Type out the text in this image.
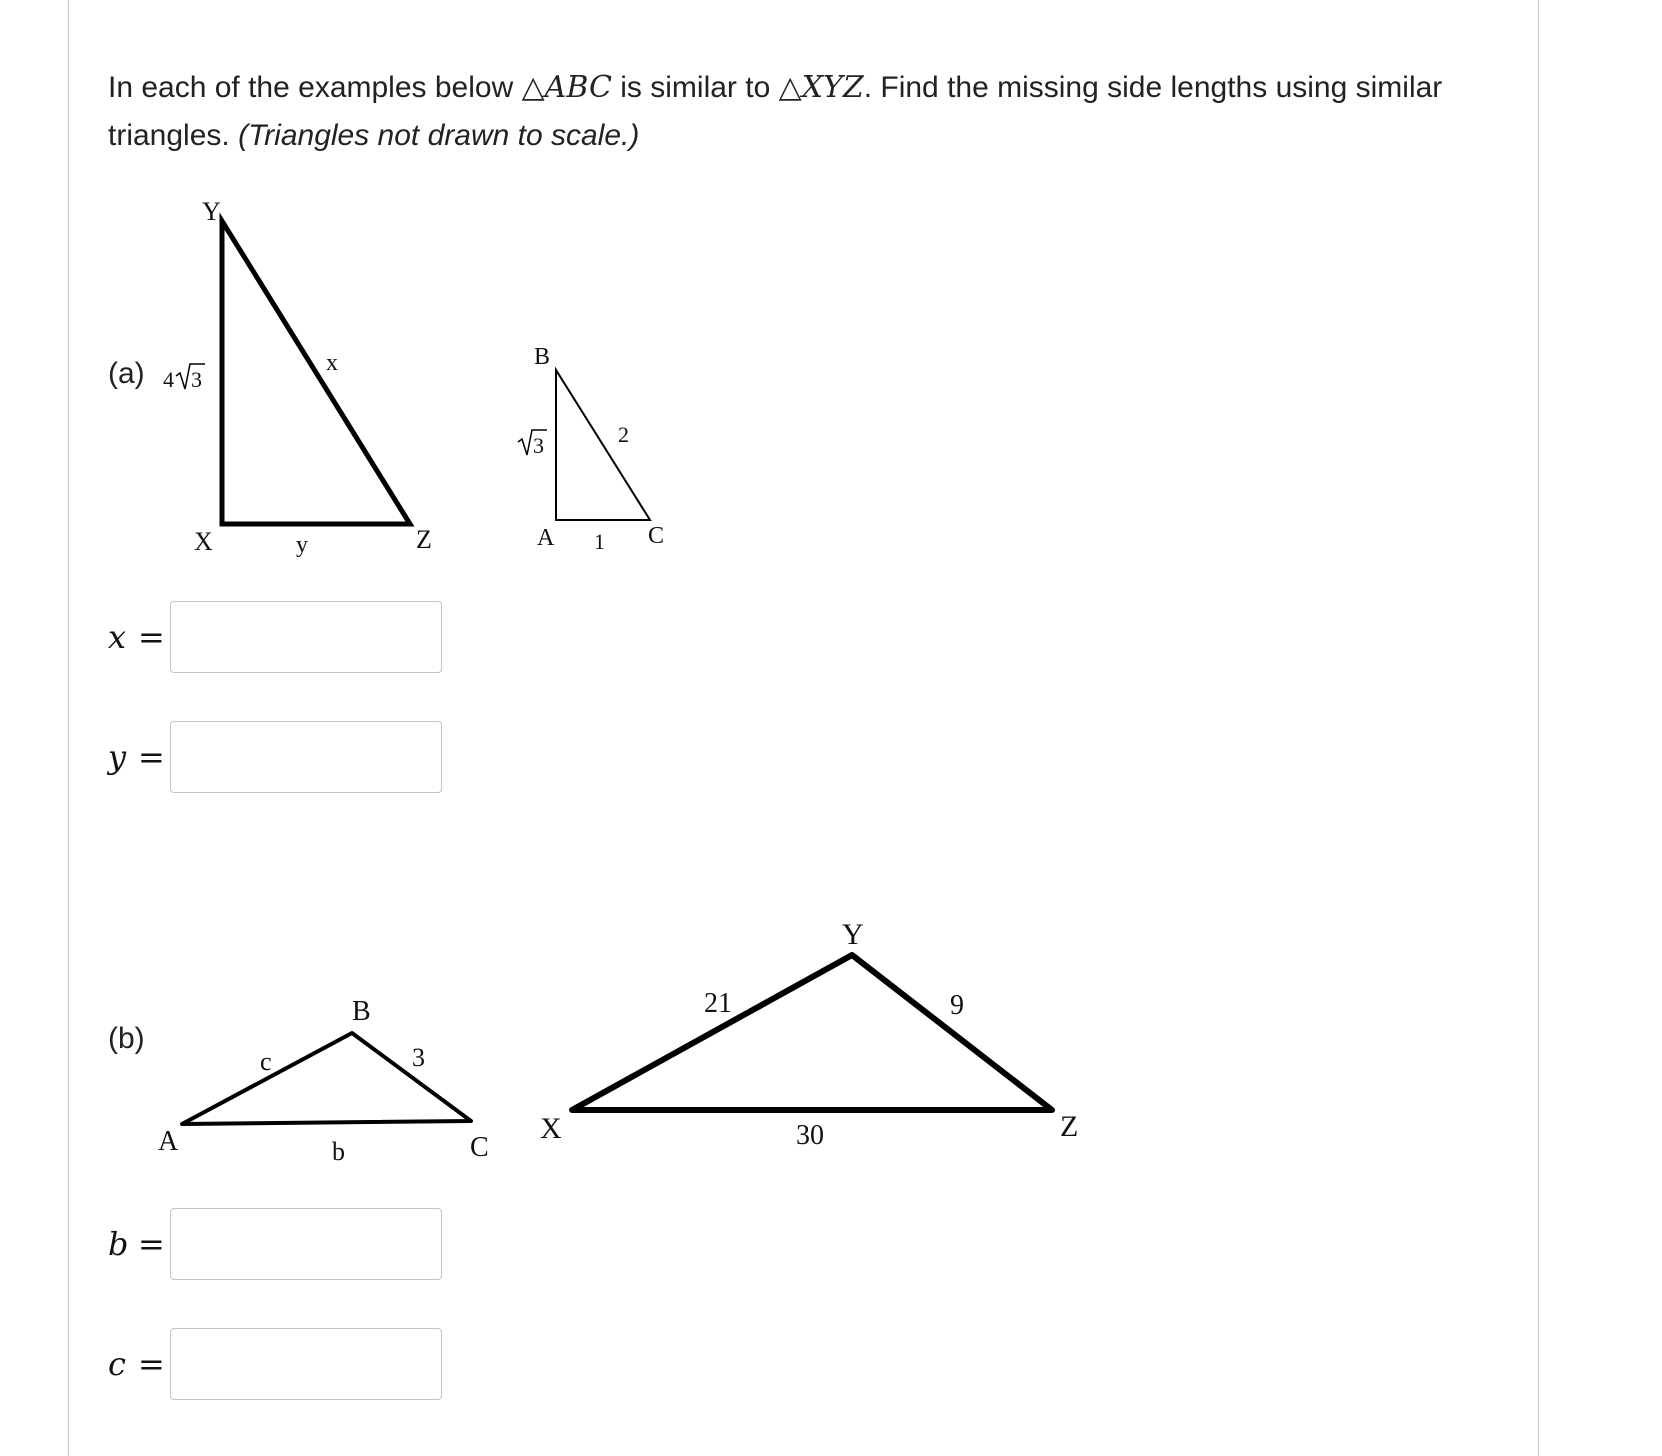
In each of the examples below △ABC is similar to △XYZ. Find the missing side lengths using similar triangles. (Triangles not drawn to scale.)
(a)
Y
X	Z
x
y
4 3
B
A	C
2
1
3
x =
y =
(b)
A
B
C
c	3
b
X
Y
Z
21	9
30
b =
c =
